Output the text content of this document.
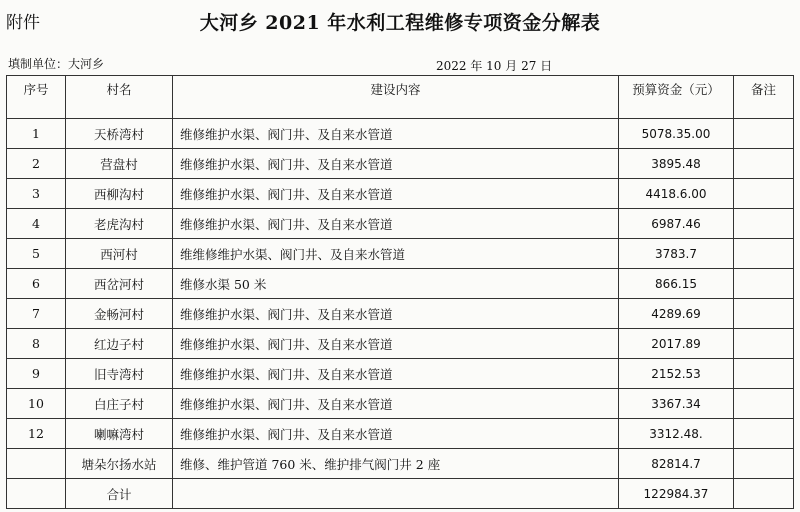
附件	大河乡 2021 年水利工程维修专项资金分解表
填制单位：大河乡	2022 年 10 月 27 日
序号	村名	建设内容	预算资金（元）	备注
1	天桥湾村	维修维护水渠、阀门井、及自来水管道	5078.35.00	
2	营盘村	维修维护水渠、阀门井、及自来水管道	3895.48	
3	西柳沟村	维修维护水渠、阀门井、及自来水管道	4418.6.00	
4	老虎沟村	维修维护水渠、阀门井、及自来水管道	6987.46	
5	西河村	维维修维护水渠、阀门井、及自来水管道	3783.7	
6	西岔河村	维修水渠 50 米	866.15	
7	金畅河村	维修维护水渠、阀门井、及自来水管道	4289.69	
8	红边子村	维修维护水渠、阀门井、及自来水管道	2017.89	
9	旧寺湾村	维修维护水渠、阀门井、及自来水管道	2152.53	
10	白庄子村	维修维护水渠、阀门井、及自来水管道	3367.34	
12	喇嘛湾村	维修维护水渠、阀门井、及自来水管道	3312.48.	
	塘朵尔扬水站	维修、维护管道 760 米、维护排气阀门井 2 座	82814.7	
	合计		122984.37	
